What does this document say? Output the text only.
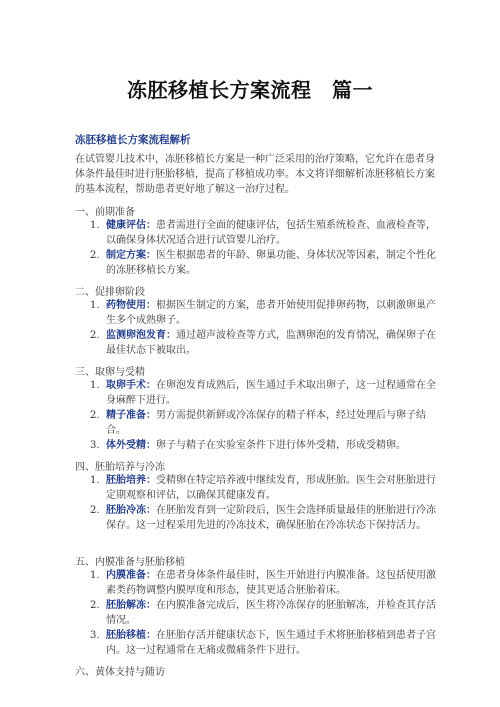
冻胚移植长方案流程　篇一
冻胚移植长方案流程解析
在试管婴儿技术中，冻胚移植长方案是一种广泛采用的治疗策略，它允许在患者身体条件最佳时进行胚胎移植，提高了移植成功率。本文将详细解析冻胚移植长方案的基本流程，帮助患者更好地了解这一治疗过程。
一、前期准备
1. 健康评估：患者需进行全面的健康评估，包括生殖系统检查、血液检查等，以确保身体状况适合进行试管婴儿治疗。
2. 制定方案：医生根据患者的年龄、卵巢功能、身体状况等因素，制定个性化的冻胚移植长方案。
二、促排卵阶段
1. 药物使用：根据医生制定的方案，患者开始使用促排卵药物，以刺激卵巢产生多个成熟卵子。
2. 监测卵泡发育：通过超声波检查等方式，监测卵泡的发育情况，确保卵子在最佳状态下被取出。
三、取卵与受精
1. 取卵手术：在卵泡发育成熟后，医生通过手术取出卵子，这一过程通常在全身麻醉下进行。
2. 精子准备：男方需提供新鲜或冷冻保存的精子样本，经过处理后与卵子结合。
3. 体外受精：卵子与精子在实验室条件下进行体外受精，形成受精卵。
四、胚胎培养与冷冻
1. 胚胎培养：受精卵在特定培养液中继续发育，形成胚胎。医生会对胚胎进行定期观察和评估，以确保其健康发育。
2. 胚胎冷冻：在胚胎发育到一定阶段后，医生会选择质量最佳的胚胎进行冷冻保存。这一过程采用先进的冷冻技术，确保胚胎在冷冻状态下保持活力。
五、内膜准备与胚胎移植
1. 内膜准备：在患者身体条件最佳时，医生开始进行内膜准备。这包括使用激素类药物调整内膜厚度和形态，使其更适合胚胎着床。
2. 胚胎解冻：在内膜准备完成后，医生将冷冻保存的胚胎解冻，并检查其存活情况。
3. 胚胎移植：在胚胎存活并健康状态下，医生通过手术将胚胎移植到患者子宫内。这一过程通常在无痛或微痛条件下进行。
六、黄体支持与随访
